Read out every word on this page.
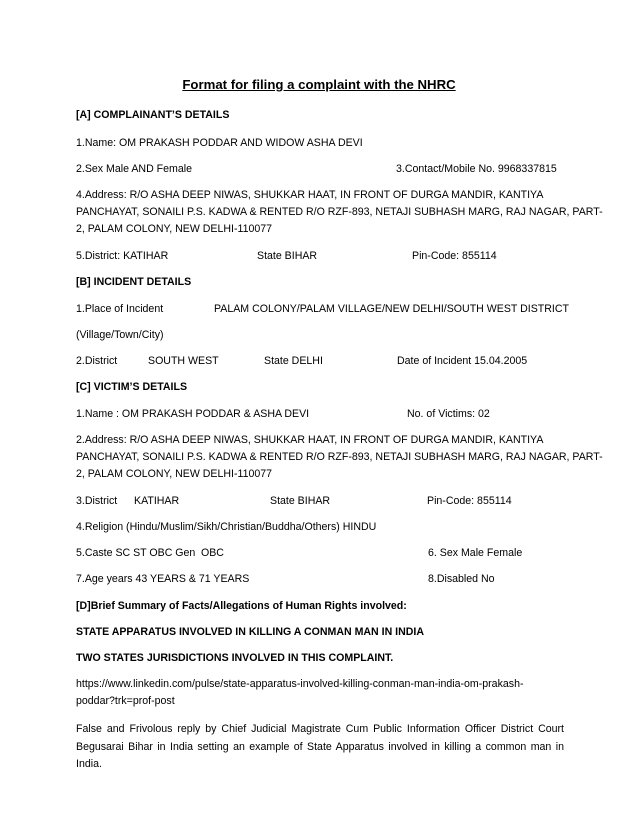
Format for filing a complaint with the NHRC
[A] COMPLAINANT’S DETAILS
1.Name: OM PRAKASH PODDAR AND WIDOW ASHA DEVI
2.Sex Male AND Female	3.Contact/Mobile No. 9968337815
4.Address: R/O ASHA DEEP NIWAS, SHUKKAR HAAT, IN FRONT OF DURGA MANDIR, KANTIYA
PANCHAYAT, SONAILI P.S. KADWA & RENTED R/O RZF-893, NETAJI SUBHASH MARG, RAJ NAGAR, PART-
2, PALAM COLONY, NEW DELHI-110077
5.District: KATIHAR	State BIHAR	Pin-Code: 855114
[B] INCIDENT DETAILS
1.Place of Incident	PALAM COLONY/PALAM VILLAGE/NEW DELHI/SOUTH WEST DISTRICT
(Village/Town/City)
2.District	SOUTH WEST	State DELHI	Date of Incident 15.04.2005
[C] VICTIM’S DETAILS
1.Name : OM PRAKASH PODDAR & ASHA DEVI	No. of Victims: 02
2.Address: R/O ASHA DEEP NIWAS, SHUKKAR HAAT, IN FRONT OF DURGA MANDIR, KANTIYA
PANCHAYAT, SONAILI P.S. KADWA & RENTED R/O RZF-893, NETAJI SUBHASH MARG, RAJ NAGAR, PART-
2, PALAM COLONY, NEW DELHI-110077
3.District KATIHAR	State BIHAR	Pin-Code: 855114
4.Religion (Hindu/Muslim/Sikh/Christian/Buddha/Others) HINDU
5.Caste SC ST OBC Gen OBC	6. Sex Male Female
7.Age years 43 YEARS & 71 YEARS	8.Disabled No
[D]Brief Summary of Facts/Allegations of Human Rights involved:
STATE APPARATUS INVOLVED IN KILLING A CONMAN MAN IN INDIA
TWO STATES JURISDICTIONS INVOLVED IN THIS COMPLAINT.
https://www.linkedin.com/pulse/state-apparatus-involved-killing-conman-man-india-om-prakash-
poddar?trk=prof-post
False and Frivolous reply by Chief Judicial Magistrate Cum Public Information Officer District Court Begusarai Bihar in India setting an example of State Apparatus involved in killing a common man in India.
